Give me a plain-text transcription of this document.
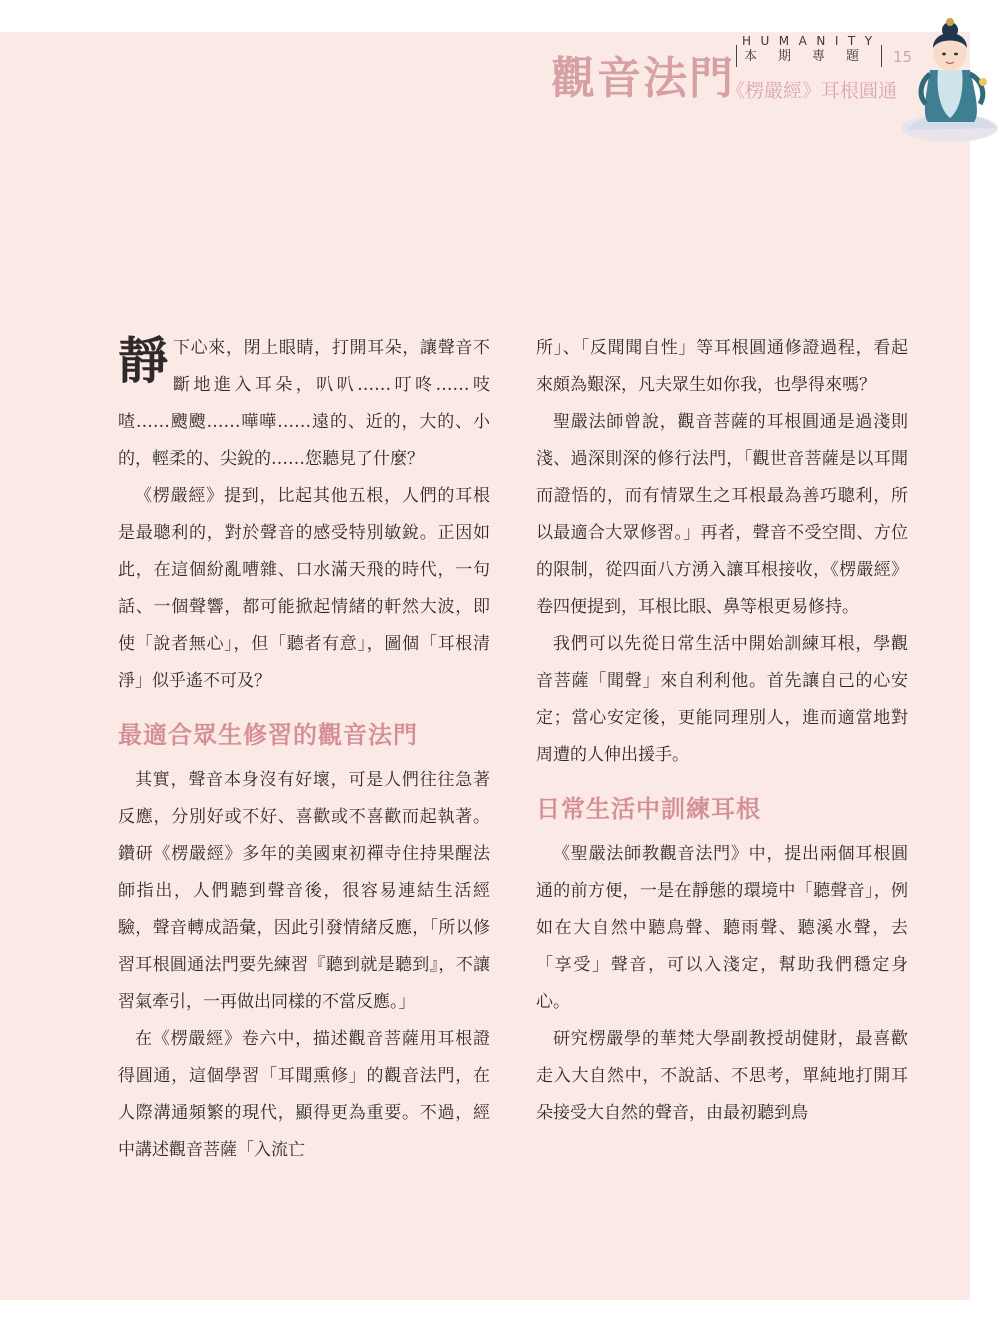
HUMANITY
本期專題 15
觀音法門
《楞嚴經》耳根圓通

靜下心來，閉上眼睛，打開耳朵，讓聲音不斷地進入耳朵，叭叭……叮咚……吱喳……颼颼……嘩嘩……遠的、近的，大的、小的，輕柔的、尖銳的……您聽見了什麼？

《楞嚴經》提到，比起其他五根，人們的耳根是最聰利的，對於聲音的感受特別敏銳。正因如此，在這個紛亂嘈雜、口水滿天飛的時代，一句話、一個聲響，都可能掀起情緒的軒然大波，即使「說者無心」，但「聽者有意」，圖個「耳根清淨」似乎遙不可及？

最適合眾生修習的觀音法門

其實，聲音本身沒有好壞，可是人們往往急著反應，分別好或不好、喜歡或不喜歡而起執著。鑽研《楞嚴經》多年的美國東初禪寺住持果醒法師指出，人們聽到聲音後，很容易連結生活經驗，聲音轉成語彙，因此引發情緒反應，「所以修習耳根圓通法門要先練習『聽到就是聽到』，不讓習氣牽引，一再做出同樣的不當反應。」

在《楞嚴經》卷六中，描述觀音菩薩用耳根證得圓通，這個學習「耳聞熏修」的觀音法門，在人際溝通頻繁的現代，顯得更為重要。不過，經中講述觀音菩薩「入流亡

所」、「反聞聞自性」等耳根圓通修證過程，看起來頗為艱深，凡夫眾生如你我，也學得來嗎？

聖嚴法師曾說，觀音菩薩的耳根圓通是過淺則淺、過深則深的修行法門，「觀世音菩薩是以耳聞而證悟的，而有情眾生之耳根最為善巧聰利，所以最適合大眾修習。」再者，聲音不受空間、方位的限制，從四面八方湧入讓耳根接收，《楞嚴經》卷四便提到，耳根比眼、鼻等根更易修持。

我們可以先從日常生活中開始訓練耳根，學觀音菩薩「聞聲」來自利利他。首先讓自己的心安定；當心安定後，更能同理別人，進而適當地對周遭的人伸出援手。

日常生活中訓練耳根

《聖嚴法師教觀音法門》中，提出兩個耳根圓通的前方便，一是在靜態的環境中「聽聲音」，例如在大自然中聽鳥聲、聽雨聲、聽溪水聲，去「享受」聲音，可以入淺定，幫助我們穩定身心。

研究楞嚴學的華梵大學副教授胡健財，最喜歡走入大自然中，不說話、不思考，單純地打開耳朵接受大自然的聲音，由最初聽到鳥
